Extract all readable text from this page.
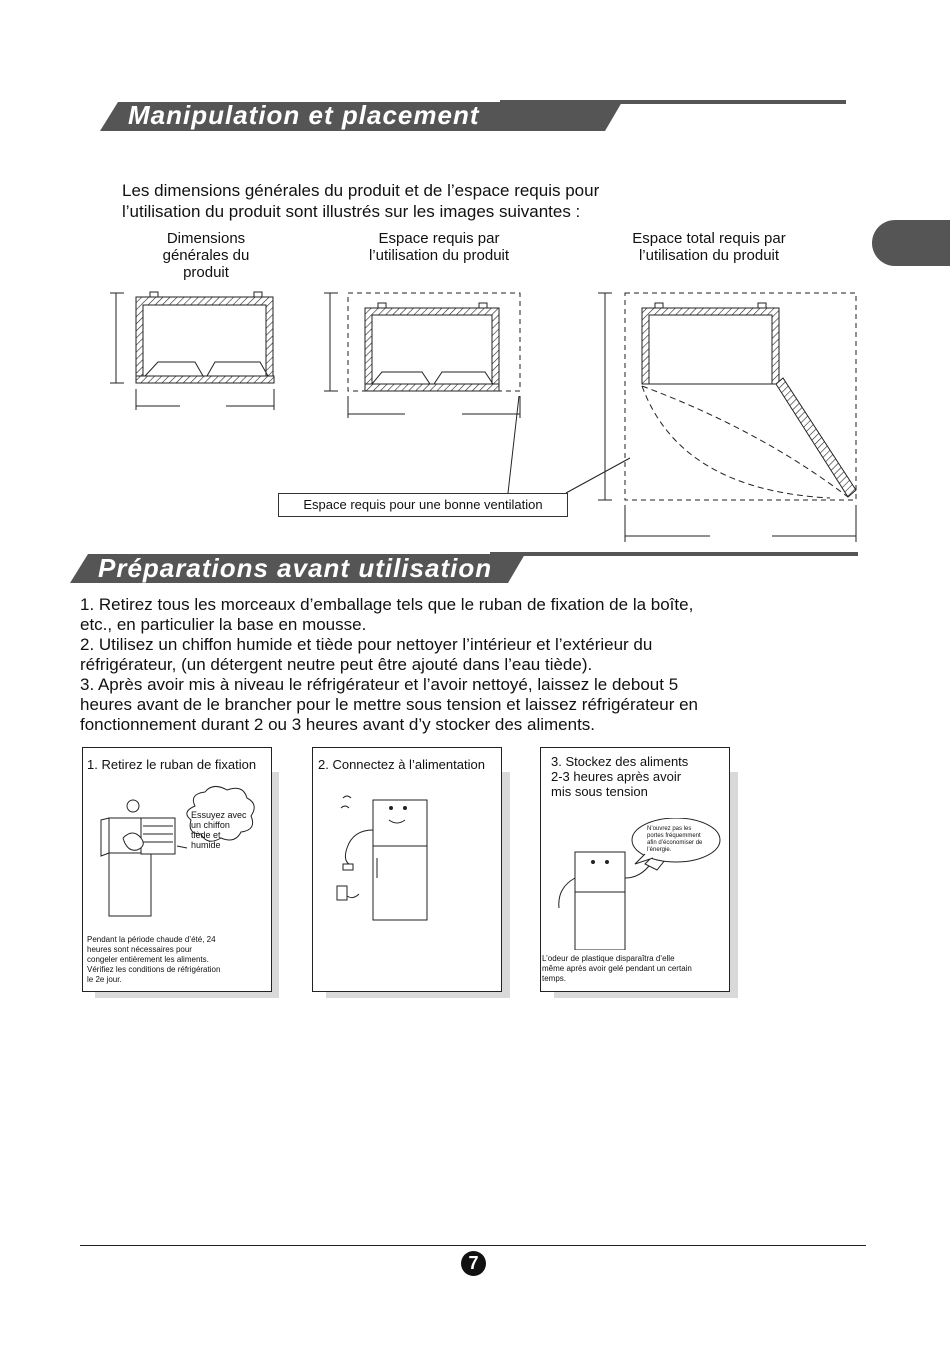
Manipulation et placement
Les dimensions générales du produit et de l’espace requis pour
l’utilisation du produit sont illustrés sur les images suivantes :
Dimensions
générales du
produit
Espace requis par
l’utilisation du produit
Espace total requis par
l’utilisation du produit
Espace requis pour une bonne ventilation
Préparations avant utilisation

1. Retirez tous les morceaux d’emballage tels que le ruban de fixation de la boîte,

etc., en particulier la base en mousse.

2. Utilisez un chiffon humide et tiède pour nettoyer l’intérieur et l’extérieur du

réfrigérateur, (un détergent neutre peut être ajouté dans l’eau tiède).

3. Après avoir mis à niveau le réfrigérateur et l’avoir nettoyé, laissez le debout 5

heures avant de le brancher pour le mettre sous tension et laissez réfrigérateur en

fonctionnement durant 2 ou 3 heures avant d’y stocker des aliments.

1. Retirez le ruban de fixation
Essuyez avec
un chiffon
tiède et
humide
Pendant la période chaude d’été, 24
heures sont nécessaires pour
congeler entièrement les aliments.
Vérifiez les conditions de réfrigération
le 2e jour.
2. Connectez à l’alimentation	3. Stockez des aliments
2-3 heures après avoir
mis sous tension
N’ouvrez pas les
portes fréquemment
afin d’économiser de
l’énergie.
L’odeur de plastique disparaîtra d’elle
même après avoir gelé pendant un certain
temps.
7
